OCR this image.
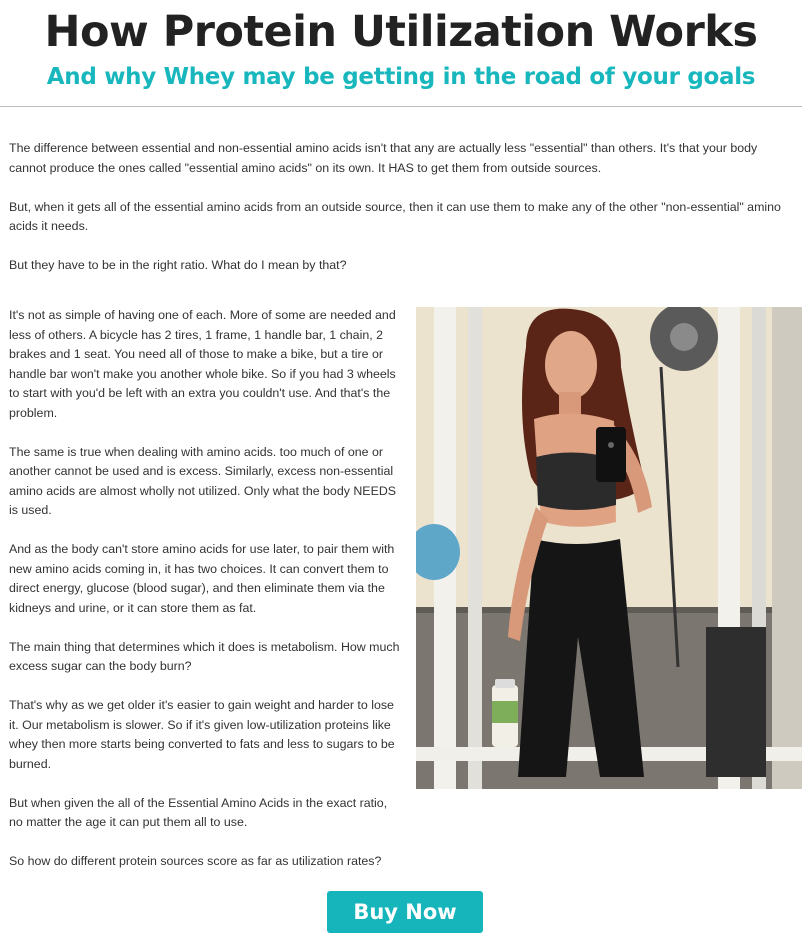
How Protein Utilization Works
And why Whey may be getting in the road of your goals

The difference between essential and non-essential amino acids isn't that any are actually less "essential" than others. It's that your body cannot produce the ones called "essential amino acids" on its own. It HAS to get them from outside sources.

But, when it gets all of the essential amino acids from an outside source, then it can use them to make any of the other "non-essential" amino acids it needs.

But they have to be in the right ratio. What do I mean by that?

It's not as simple of having one of each. More of some are needed and less of others. A bicycle has 2 tires, 1 frame, 1 handle bar, 1 chain, 2 brakes and 1 seat. You need all of those to make a bike, but a tire or handle bar won't make you another whole bike. So if you had 3 wheels to start with you'd be left with an extra you couldn't use. And that's the problem.

The same is true when dealing with amino acids. too much of one or another cannot be used and is excess. Similarly, excess non-essential amino acids are almost wholly not utilized. Only what the body NEEDS is used.

And as the body can't store amino acids for use later, to pair them with new amino acids coming in, it has two choices. It can convert them to direct energy, glucose (blood sugar), and then eliminate them via the kidneys and urine, or it can store them as fat.

The main thing that determines which it does is metabolism. How much excess sugar can the body burn?

That's why as we get older it's easier to gain weight and harder to lose it. Our metabolism is slower. So if it's given low-utilization proteins like whey then more starts being converted to fats and less to sugars to be burned.

But when given the all of the Essential Amino Acids in the exact ratio, no matter the age it can put them all to use.

So how do different protein sources score as far as utilization rates?

Buy Now
